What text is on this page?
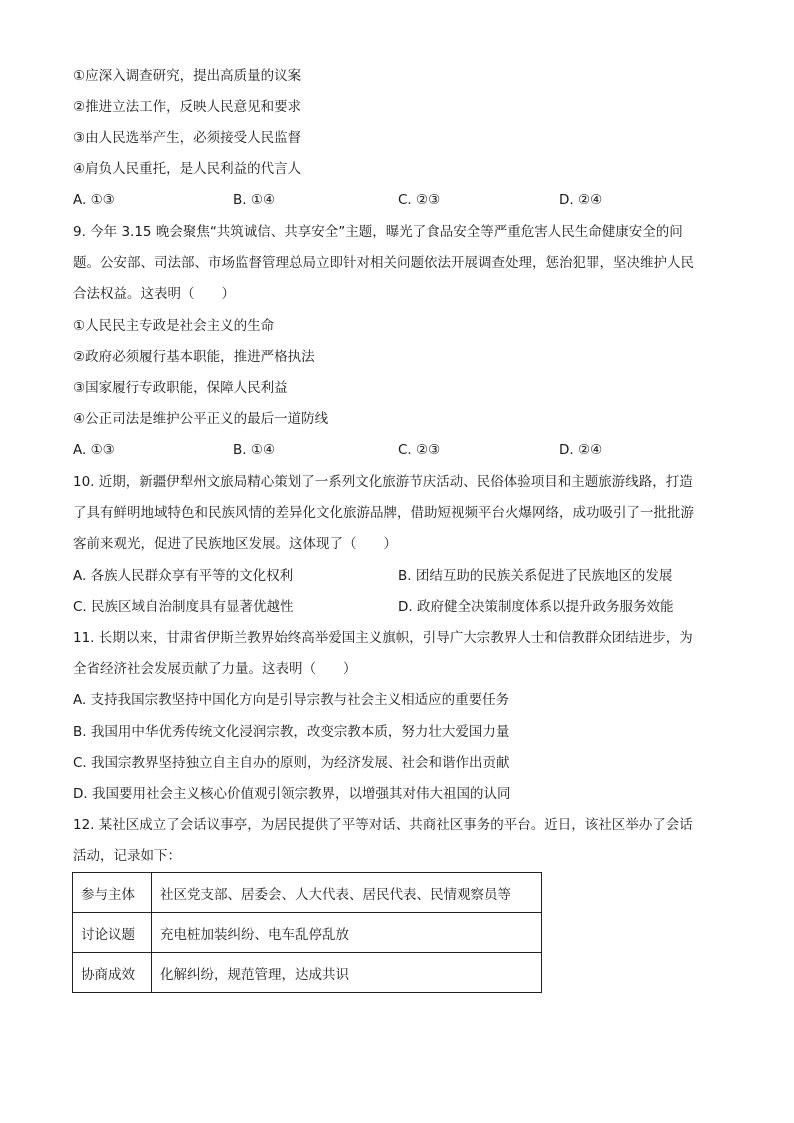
①应深入调查研究，提出高质量的议案
②推进立法工作，反映人民意见和要求
③由人民选举产生，必须接受人民监督
④肩负人民重托，是人民利益的代言人
A. ①③	B. ①④	C. ②③	D. ②④
9. 今年 3.15 晚会聚焦“共筑诚信、共享安全”主题，曝光了食品安全等严重危害人民生命健康安全的问
题。公安部、司法部、市场监督管理总局立即针对相关问题依法开展调查处理，惩治犯罪，坚决维护人民
合法权益。这表明（　　）
①人民民主专政是社会主义的生命
②政府必须履行基本职能，推进严格执法
③国家履行专政职能，保障人民利益
④公正司法是维护公平正义的最后一道防线
A. ①③	B. ①④	C. ②③	D. ②④
10. 近期，新疆伊犁州文旅局精心策划了一系列文化旅游节庆活动、民俗体验项目和主题旅游线路，打造
了具有鲜明地域特色和民族风情的差异化文化旅游品牌，借助短视频平台火爆网络，成功吸引了一批批游
客前来观光，促进了民族地区发展。这体现了（　　）
A. 各族人民群众享有平等的文化权利	B. 团结互助的民族关系促进了民族地区的发展
C. 民族区域自治制度具有显著优越性	D. 政府健全决策制度体系以提升政务服务效能
11. 长期以来，甘肃省伊斯兰教界始终高举爱国主义旗帜，引导广大宗教界人士和信教群众团结进步，为
全省经济社会发展贡献了力量。这表明（　　）
A. 支持我国宗教坚持中国化方向是引导宗教与社会主义相适应的重要任务
B. 我国用中华优秀传统文化浸润宗教，改变宗教本质，努力壮大爱国力量
C. 我国宗教界坚持独立自主自办的原则，为经济发展、社会和谐作出贡献
D. 我国要用社会主义核心价值观引领宗教界，以增强其对伟大祖国的认同
12. 某社区成立了会话议事亭，为居民提供了平等对话、共商社区事务的平台。近日，该社区举办了会话
活动，记录如下：
参与主体	社区党支部、居委会、人大代表、居民代表、民情观察员等
讨论议题	充电桩加装纠纷、电车乱停乱放
协商成效	化解纠纷，规范管理，达成共识
